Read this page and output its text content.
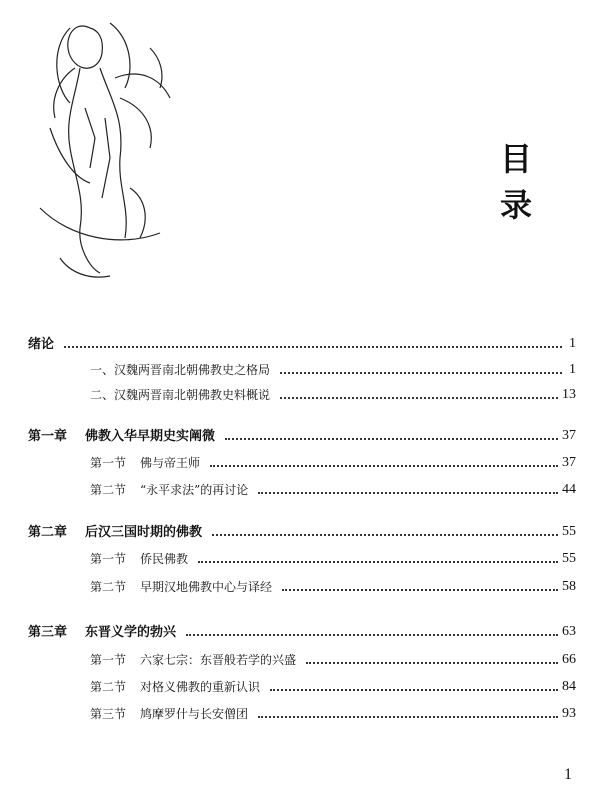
目 录
绪论	1
一、汉魏两晋南北朝佛教史之格局	1
二、汉魏两晋南北朝佛教史料概说	13
第一章 佛教入华早期史实阐微	37
第一节 佛与帝王师	37
第二节 “永平求法”的再讨论	44
第二章 后汉三国时期的佛教	55
第一节 侨民佛教	55
第二节 早期汉地佛教中心与译经	58
第三章 东晋义学的勃兴	63
第一节 六家七宗：东晋般若学的兴盛	66
第二节 对格义佛教的重新认识	84
第三节 鸠摩罗什与长安僧团	93
1
